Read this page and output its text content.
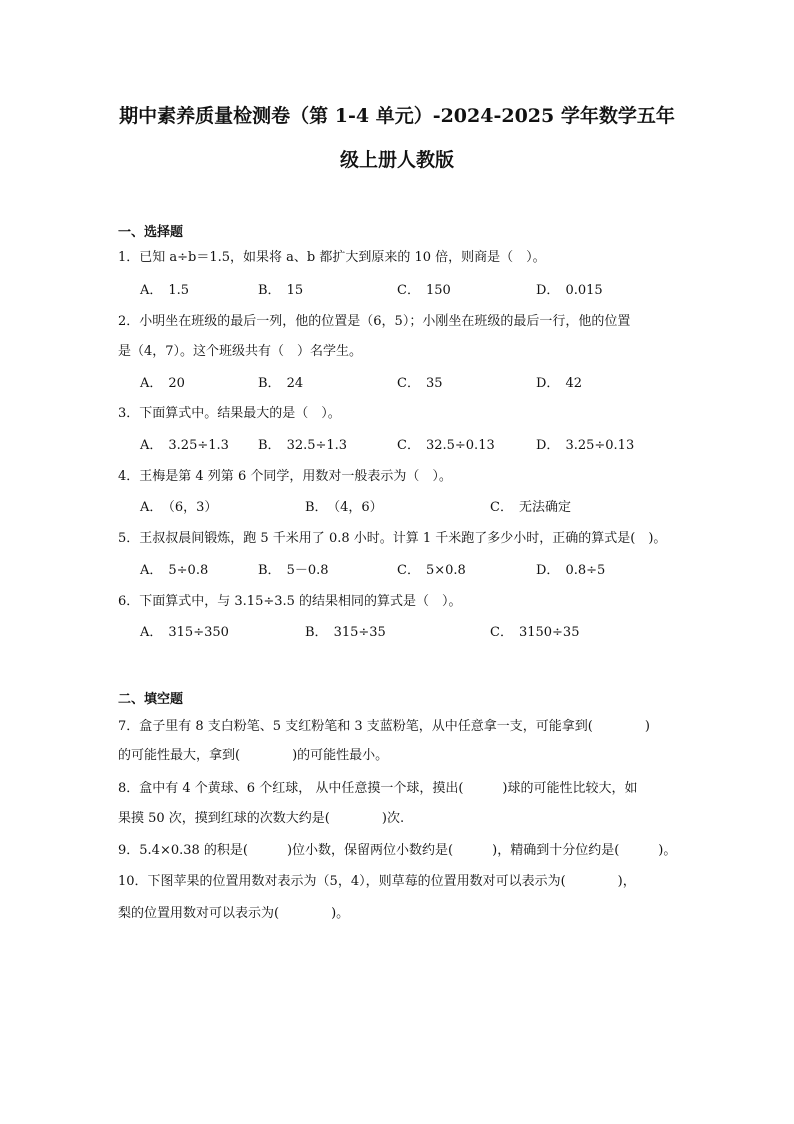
期中素养质量检测卷（第 1-4 单元）-2024-2025 学年数学五年
级上册人教版
一、选择题
1．已知 a÷b＝1.5，如果将 a、b 都扩大到原来的 10 倍，则商是（　）。
A． 1.5	B． 15	C． 150	D． 0.015
2．小明坐在班级的最后一列，他的位置是（6，5）；小刚坐在班级的最后一行，他的位置
是（4，7）。这个班级共有（　）名学生。
A． 20	B． 24	C． 35	D． 42
3．下面算式中。结果最大的是（　）。
A． 3.25÷1.3 B． 32.5÷1.3	C． 32.5÷0.13	D． 3.25÷0.13
4．王梅是第 4 列第 6 个同学，用数对一般表示为（　）。
A． （6，3）	B． （4，6）	C． 无法确定
5．王叔叔晨间锻炼，跑 5 千米用了 0.8 小时。计算 1 千米跑了多少小时，正确的算式是(　)。
A． 5÷0.8	B． 5－0.8	C． 5×0.8	D． 0.8÷5
6．下面算式中，与 3.15÷3.5 的结果相同的算式是（　）。
A． 315÷350	B． 315÷35	C． 3150÷35
二、填空题
7．盒子里有 8 支白粉笔、5 支红粉笔和 3 支蓝粉笔，从中任意拿一支，可能拿到(　　　　)
的可能性最大，拿到(　　　　)的可能性最小。
8．盒中有 4 个黄球、6 个红球， 从中任意摸一个球，摸出(　　　)球的可能性比较大，如
果摸 50 次，摸到红球的次数大约是(　　　　)次.
9．5.4×0.38 的积是(　　　)位小数，保留两位小数约是(　　　)，精确到十分位约是(　　　)。
10．下图苹果的位置用数对表示为（5，4），则草莓的位置用数对可以表示为(　　　　)，
梨的位置用数对可以表示为(　　　　)。
